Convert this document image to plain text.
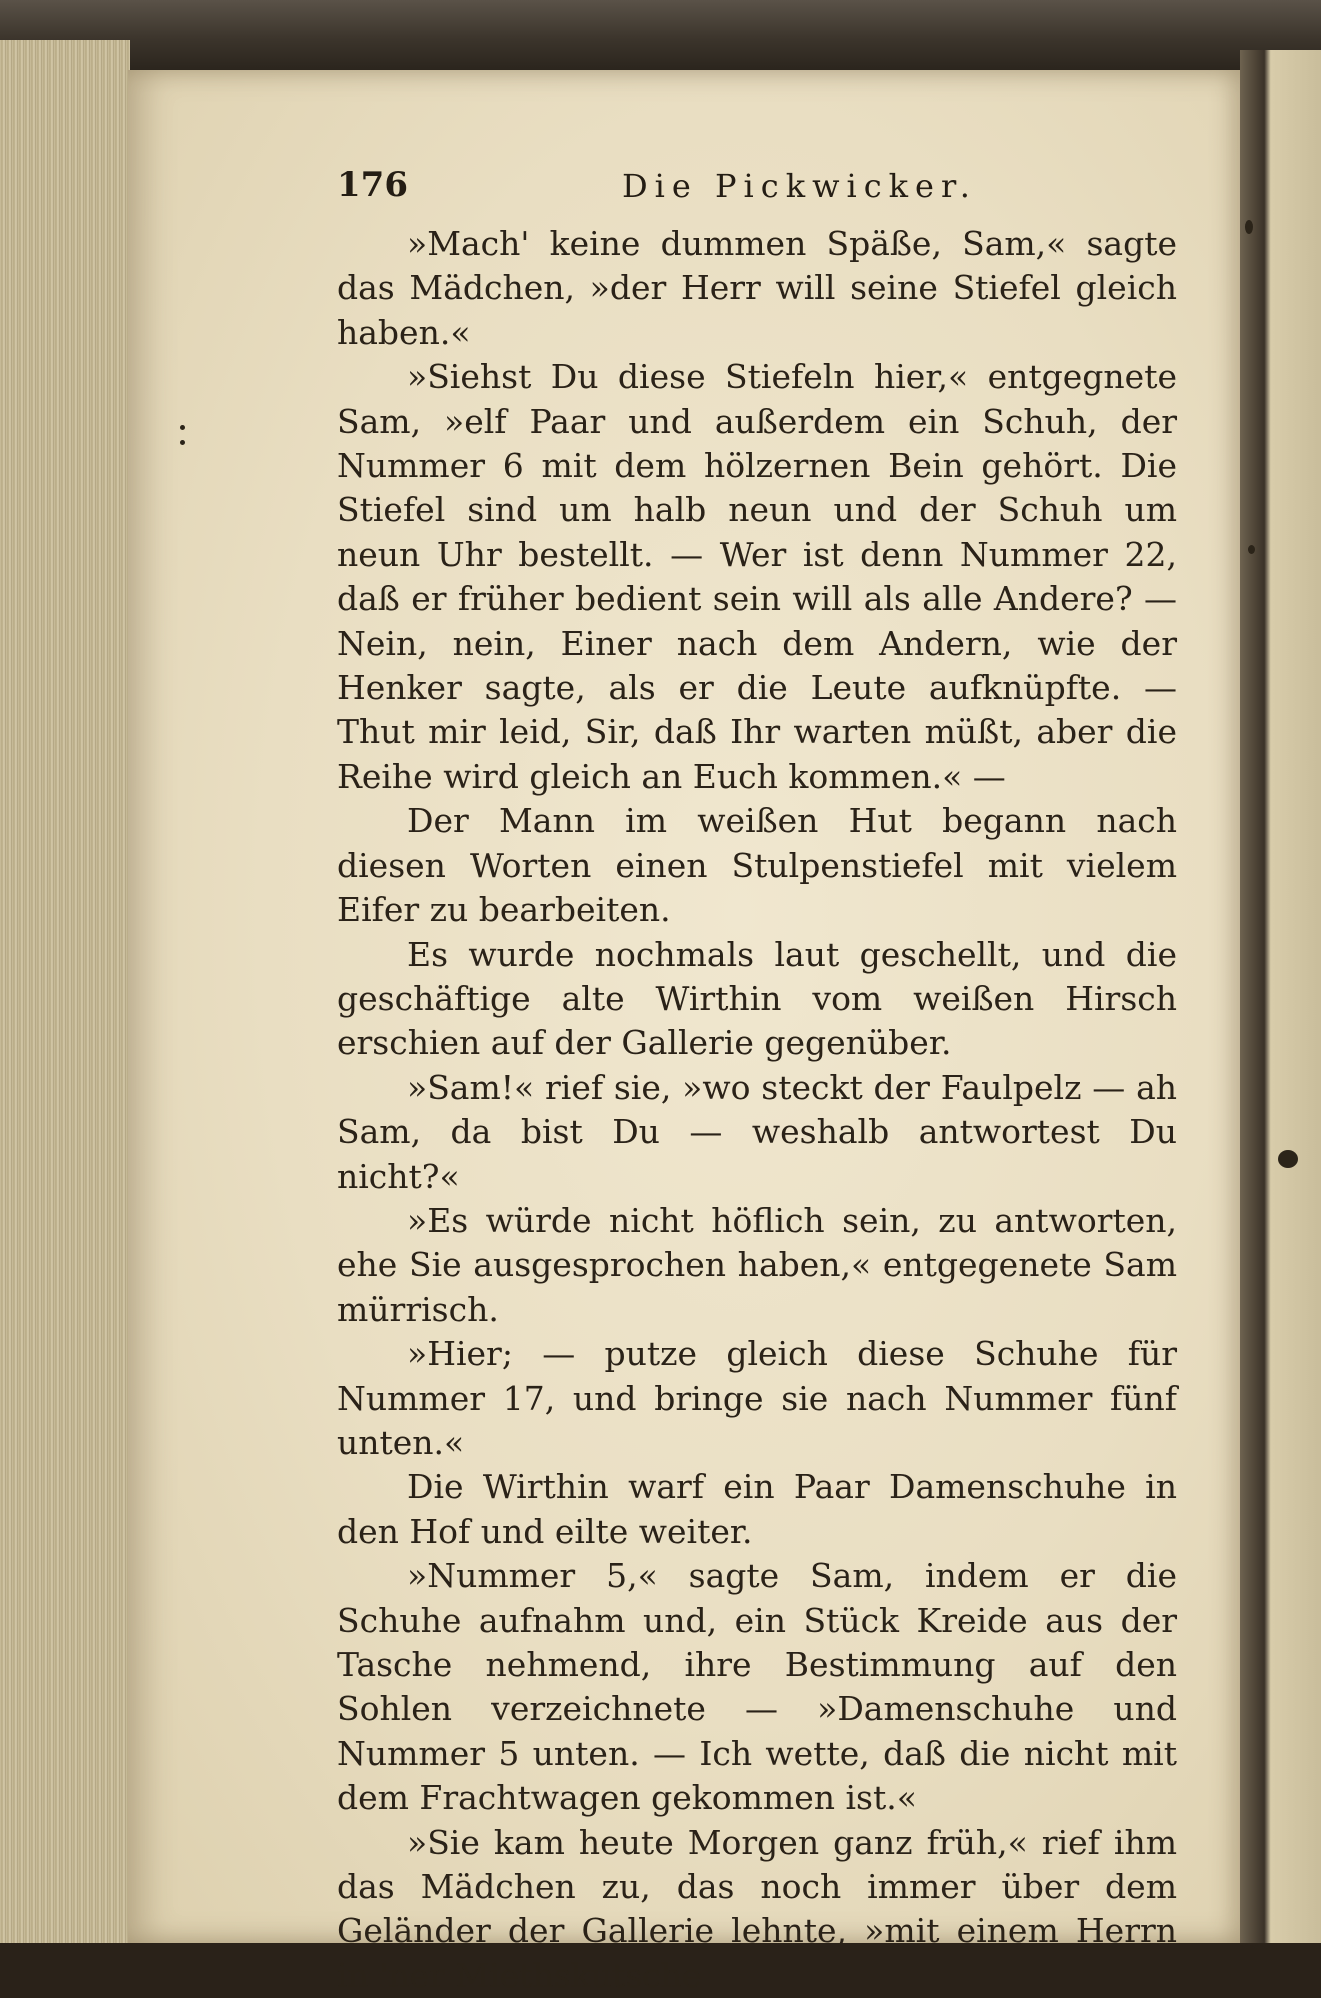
176	Die Pickwicker.

»Mach' keine dummen Späße, Sam,« sagte das Mädchen, »der Herr will seine Stiefel gleich haben.«

»Siehst Du diese Stiefeln hier,« entgegnete Sam, »elf Paar und außerdem ein Schuh, der Nummer 6 mit dem hölzernen Bein gehört. Die Stiefel sind um halb neun und der Schuh um neun Uhr bestellt. — Wer ist denn Nummer 22, daß er früher bedient sein will als alle Andere? — Nein, nein, Einer nach dem Andern, wie der Henker sagte, als er die Leute aufknüpfte. — Thut mir leid, Sir, daß Ihr warten müßt, aber die Reihe wird gleich an Euch kommen.« —

Der Mann im weißen Hut begann nach diesen Worten einen Stulpenstiefel mit vielem Eifer zu bearbeiten.

Es wurde nochmals laut geschellt, und die geschäftige alte Wirthin vom weißen Hirsch erschien auf der Gallerie gegenüber.

»Sam!« rief sie, »wo steckt der Faulpelz — ah Sam, da bist Du — weshalb antwortest Du nicht?«

»Es würde nicht höflich sein, zu antworten, ehe Sie ausgesprochen haben,« entgegenete Sam mürrisch.

»Hier; — putze gleich diese Schuhe für Nummer 17, und bringe sie nach Nummer fünf unten.«

Die Wirthin warf ein Paar Damenschuhe in den Hof und eilte weiter.

»Nummer 5,« sagte Sam, indem er die Schuhe aufnahm und, ein Stück Kreide aus der Tasche nehmend, ihre Bestimmung auf den Sohlen verzeichnete — »Damenschuhe und Nummer 5 unten. — Ich wette, daß die nicht mit dem Frachtwagen gekommen ist.«

»Sie kam heute Morgen ganz früh,« rief ihm das Mädchen zu, das noch immer über dem Geländer der Gallerie lehnte, »mit einem Herrn in 'ner Miethskutsche
